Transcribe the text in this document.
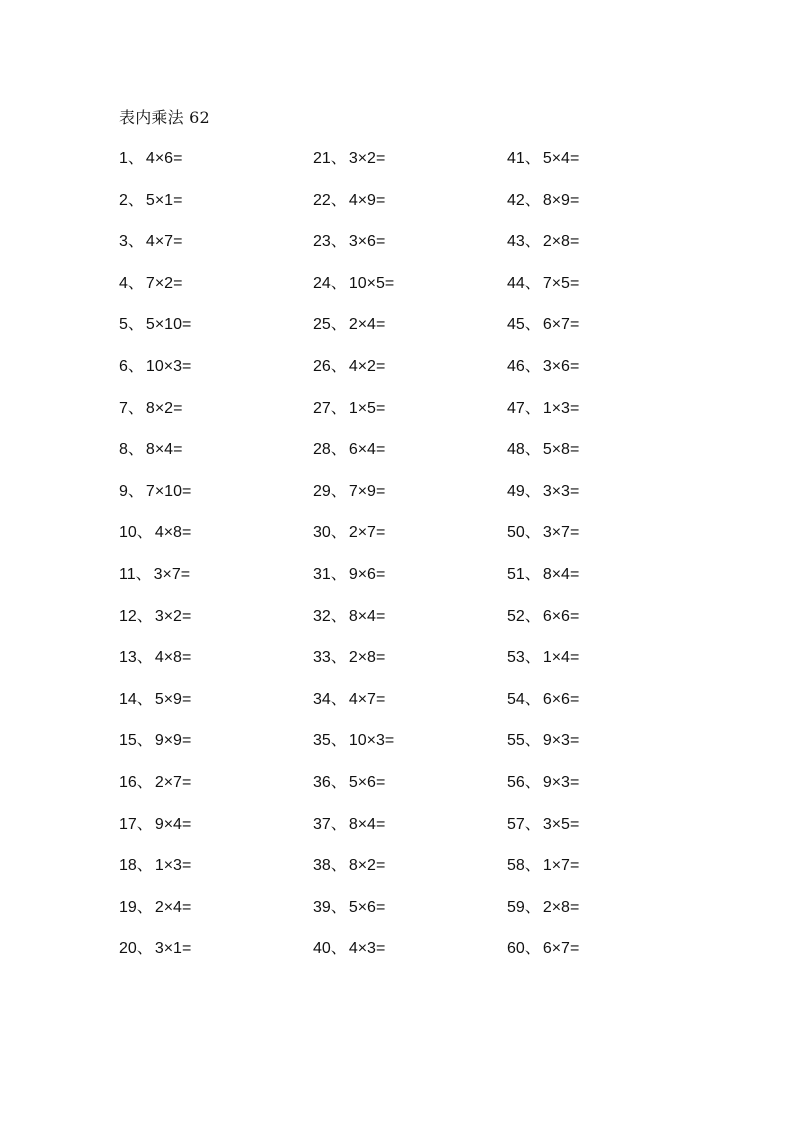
表内乘法 62
1 、 4×6=
2 、 5×1=
3 、 4×7=
4 、 7×2=
5 、 5×10=
6 、 10×3=
7 、 8×2=
8 、 8×4=
9 、 7×10=
10 、 4×8=
11 、 3×7=
12 、 3×2=
13 、 4×8=
14 、 5×9=
15 、 9×9=
16 、 2×7=
17 、 9×4=
18 、 1×3=
19 、 2×4=
20 、 3×1=
21 、 3×2=
22 、 4×9=
23 、 3×6=
24 、 10×5=
25 、 2×4=
26 、 4×2=
27 、 1×5=
28 、 6×4=
29 、 7×9=
30 、 2×7=
31 、 9×6=
32 、 8×4=
33 、 2×8=
34 、 4×7=
35 、 10×3=
36 、 5×6=
37 、 8×4=
38 、 8×2=
39 、 5×6=
40 、 4×3=
41 、 5×4=
42 、 8×9=
43 、 2×8=
44 、 7×5=
45 、 6×7=
46 、 3×6=
47 、 1×3=
48 、 5×8=
49 、 3×3=
50 、 3×7=
51 、 8×4=
52 、 6×6=
53 、 1×4=
54 、 6×6=
55 、 9×3=
56 、 9×3=
57 、 3×5=
58 、 1×7=
59 、 2×8=
60 、 6×7=
